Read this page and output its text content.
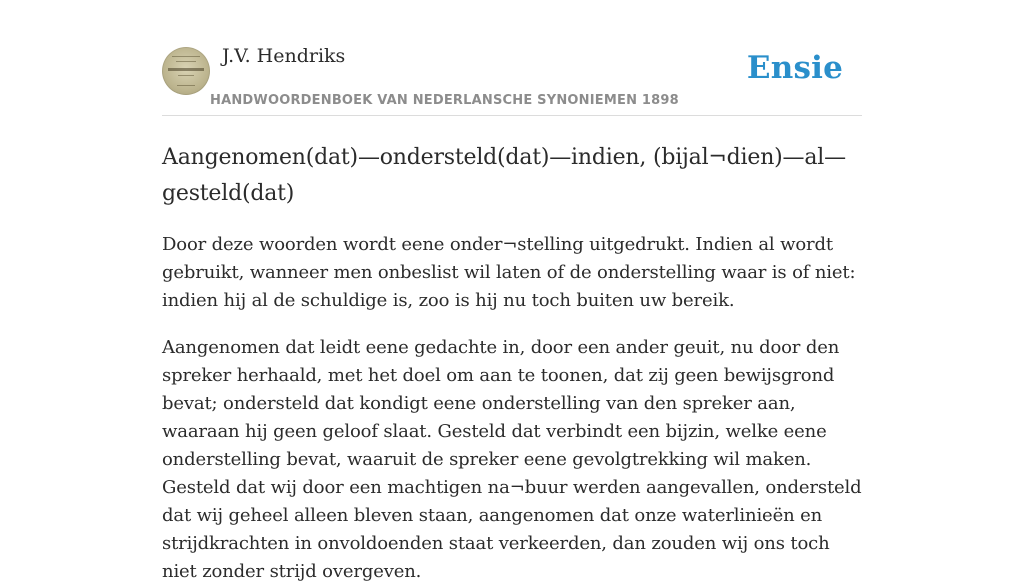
J.V. Hendriks
HANDWOORDENBOEK VAN NEDERLANSCHE SYNONIEMEN 1898
Ensie
Aangenomen(dat)—ondersteld(dat)—indien, (bijal¬dien)—al—gesteld(dat)

Door deze woorden wordt eene onder¬stelling uitgedrukt. Indien al wordt gebruikt, wanneer men onbeslist wil laten of de onderstelling waar is of niet: indien hij al de schuldige is, zoo is hij nu toch buiten uw bereik.

Aangenomen dat leidt eene gedachte in, door een ander geuit, nu door den spreker herhaald, met het doel om aan te toonen, dat zij geen bewijsgrond bevat; ondersteld dat kondigt eene onderstelling van den spreker aan, waaraan hij geen geloof slaat. Gesteld dat verbindt een bijzin, welke eene onderstelling bevat, waaruit de spreker eene gevolgtrekking wil maken. Gesteld dat wij door een machtigen na¬buur werden aangevallen, ondersteld dat wij geheel alleen bleven staan, aangenomen dat onze waterlinieën en strijdkrachten in onvoldoenden staat verkeerden, dan zouden wij ons toch niet zonder strijd overgeven.
